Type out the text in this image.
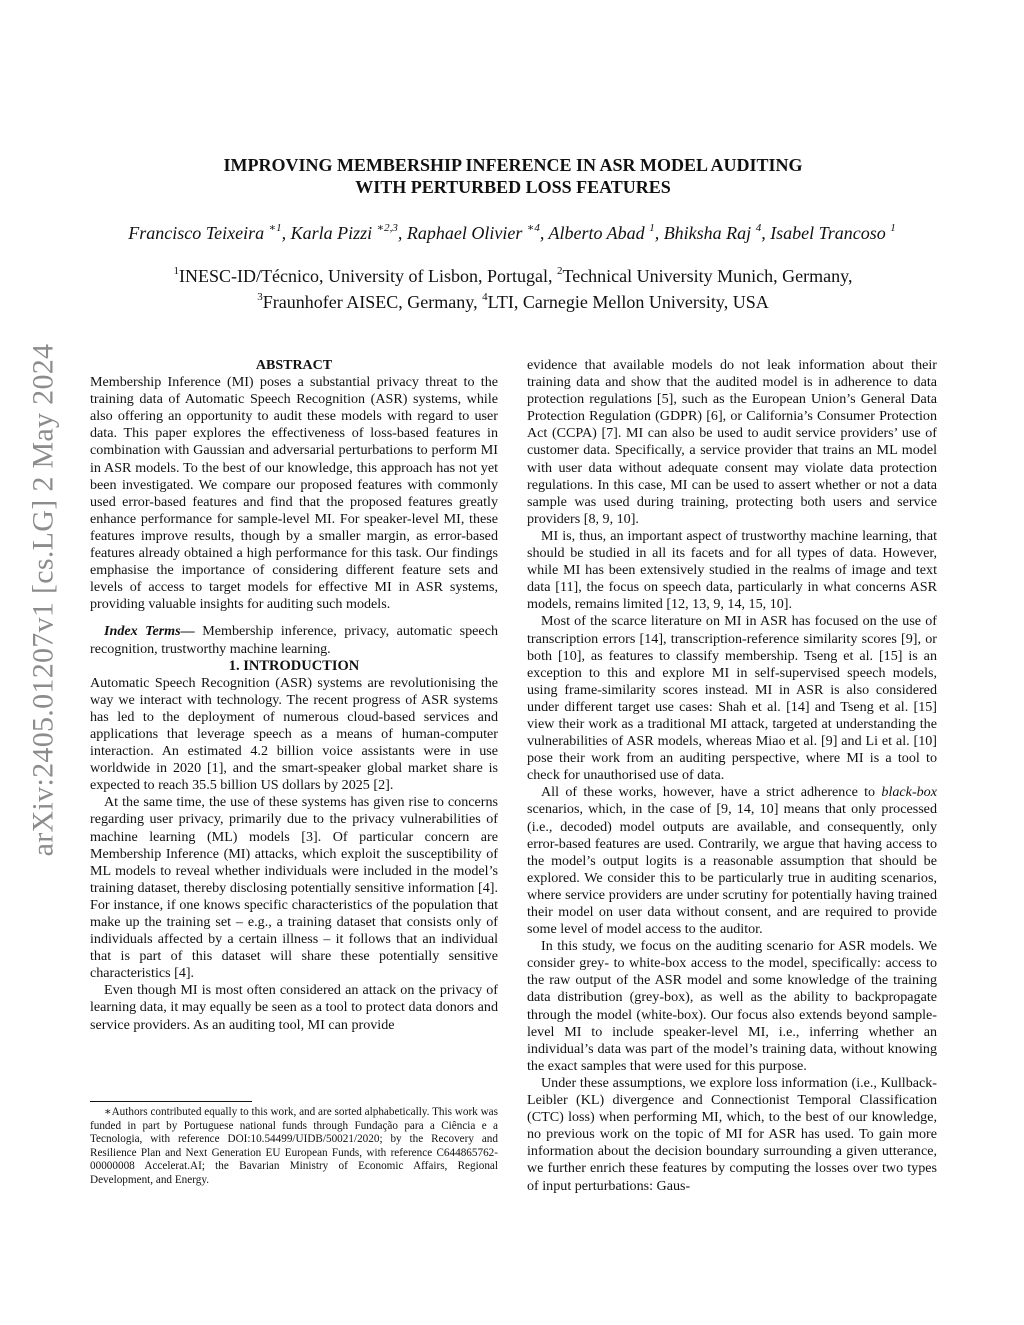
arXiv:2405.01207v1 [cs.LG] 2 May 2024
IMPROVING MEMBERSHIP INFERENCE IN ASR MODEL AUDITING
WITH PERTURBED LOSS FEATURES
Francisco Teixeira $^{∗1}$, Karla Pizzi $^{∗2,3}$, Raphael Olivier $^{∗4}$, Alberto Abad $^1$, Bhiksha Raj $^4$, Isabel Trancoso $^1$
$^1$INESC-ID/Técnico, University of Lisbon, Portugal, $^2$Technical University Munich, Germany,
$^3$Fraunhofer AISEC, Germany, $^4$LTI, Carnegie Mellon University, USA

ABSTRACT

Membership Inference (MI) poses a substantial privacy threat to the training data of Automatic Speech Recognition (ASR) systems, while also offering an opportunity to audit these models with regard to user data. This paper explores the effectiveness of loss-based features in combination with Gaussian and adversarial perturbations to perform MI in ASR models. To the best of our knowledge, this approach has not yet been investigated. We compare our proposed features with commonly used error-based features and find that the proposed features greatly enhance performance for sample-level MI. For speaker-level MI, these features improve results, though by a smaller margin, as error-based features already obtained a high performance for this task. Our findings emphasise the importance of considering different feature sets and levels of access to target models for effective MI in ASR systems, providing valuable insights for auditing such models.

Index Terms— Membership inference, privacy, automatic speech recognition, trustworthy machine learning.

1. INTRODUCTION

Automatic Speech Recognition (ASR) systems are revolutionising the way we interact with technology. The recent progress of ASR systems has led to the deployment of numerous cloud-based services and applications that leverage speech as a means of human-computer interaction. An estimated 4.2 billion voice assistants were in use worldwide in 2020 [1], and the smart-speaker global market share is expected to reach 35.5 billion US dollars by 2025 [2].

At the same time, the use of these systems has given rise to concerns regarding user privacy, primarily due to the privacy vulnerabilities of machine learning (ML) models [3]. Of particular concern are Membership Inference (MI) attacks, which exploit the susceptibility of ML models to reveal whether individuals were included in the model’s training dataset, thereby disclosing potentially sensitive information [4]. For instance, if one knows specific characteristics of the population that make up the training set – e.g., a training dataset that consists only of individuals affected by a certain illness – it follows that an individual that is part of this dataset will share these potentially sensitive characteristics [4].

Even though MI is most often considered an attack on the privacy of learning data, it may equally be seen as a tool to protect data donors and service providers. As an auditing tool, MI can provide

∗Authors contributed equally to this work, and are sorted alphabetically. This work was funded in part by Portuguese national funds through Fundação para a Ciência e a Tecnologia, with reference DOI:10.54499/UIDB/50021/2020; by the Recovery and Resilience Plan and Next Generation EU European Funds, with reference C644865762-00000008 Accelerat.AI; the Bavarian Ministry of Economic Affairs, Regional Development, and Energy.

evidence that available models do not leak information about their training data and show that the audited model is in adherence to data protection regulations [5], such as the European Union’s General Data Protection Regulation (GDPR) [6], or California’s Consumer Protection Act (CCPA) [7]. MI can also be used to audit service providers’ use of customer data. Specifically, a service provider that trains an ML model with user data without adequate consent may violate data protection regulations. In this case, MI can be used to assert whether or not a data sample was used during training, protecting both users and service providers [8, 9, 10].

MI is, thus, an important aspect of trustworthy machine learning, that should be studied in all its facets and for all types of data. However, while MI has been extensively studied in the realms of image and text data [11], the focus on speech data, particularly in what concerns ASR models, remains limited [12, 13, 9, 14, 15, 10].

Most of the scarce literature on MI in ASR has focused on the use of transcription errors [14], transcription-reference similarity scores [9], or both [10], as features to classify membership. Tseng et al. [15] is an exception to this and explore MI in self-supervised speech models, using frame-similarity scores instead. MI in ASR is also considered under different target use cases: Shah et al. [14] and Tseng et al. [15] view their work as a traditional MI attack, targeted at understanding the vulnerabilities of ASR models, whereas Miao et al. [9] and Li et al. [10] pose their work from an auditing perspective, where MI is a tool to check for unauthorised use of data.

All of these works, however, have a strict adherence to black-box scenarios, which, in the case of [9, 14, 10] means that only processed (i.e., decoded) model outputs are available, and consequently, only error-based features are used. Contrarily, we argue that having access to the model’s output logits is a reasonable assumption that should be explored. We consider this to be particularly true in auditing scenarios, where service providers are under scrutiny for potentially having trained their model on user data without consent, and are required to provide some level of model access to the auditor.

In this study, we focus on the auditing scenario for ASR models. We consider grey- to white-box access to the model, specifically: access to the raw output of the ASR model and some knowledge of the training data distribution (grey-box), as well as the ability to backpropagate through the model (white-box). Our focus also extends beyond sample-level MI to include speaker-level MI, i.e., inferring whether an individual’s data was part of the model’s training data, without knowing the exact samples that were used for this purpose.

Under these assumptions, we explore loss information (i.e., Kullback-Leibler (KL) divergence and Connectionist Temporal Classification (CTC) loss) when performing MI, which, to the best of our knowledge, no previous work on the topic of MI for ASR has used. To gain more information about the decision boundary surrounding a given utterance, we further enrich these features by computing the losses over two types of input perturbations: Gaus-
